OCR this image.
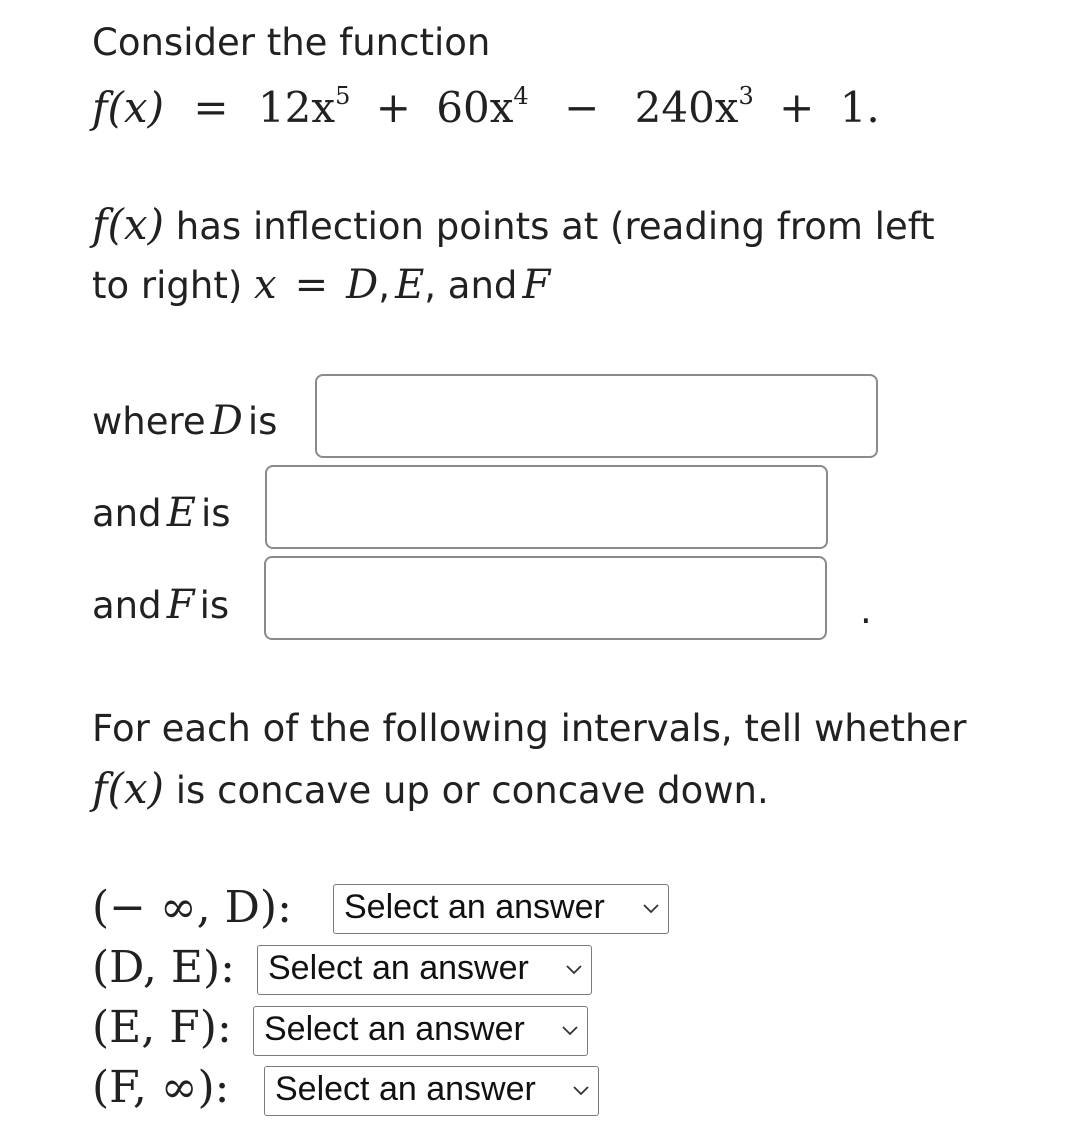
Consider the function
$f(x) = 12x^5 + 60x^4 - 240x^3 + 1$.
f(x) has inflection points at (reading from left
to right) x = D, E, and F
where D is
and E is
and F is	.
For each of the following intervals, tell whether
f(x) is concave up or concave down.
(− ∞, D):	Select an answer
(D, E): Select an answer
(E, F): Select an answer
(F, ∞):	Select an answer
